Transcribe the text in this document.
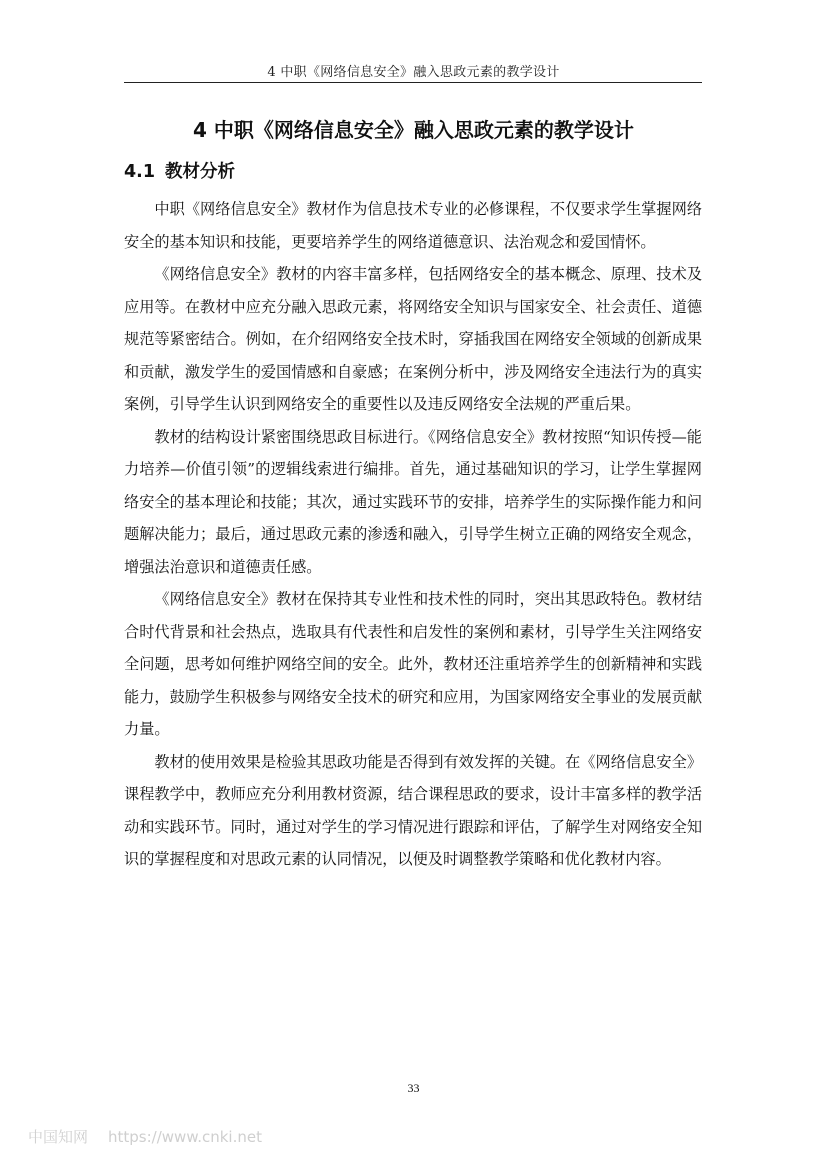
4 中职《网络信息安全》融入思政元素的教学设计
4 中职《网络信息安全》融入思政元素的教学设计
4.1 教材分析

中职《网络信息安全》教材作为信息技术专业的必修课程，不仅要求学生掌握网络安全的基本知识和技能，更要培养学生的网络道德意识、法治观念和爱国情怀。

《网络信息安全》教材的内容丰富多样，包括网络安全的基本概念、原理、技术及应用等。在教材中应充分融入思政元素，将网络安全知识与国家安全、社会责任、道德规范等紧密结合。例如，在介绍网络安全技术时，穿插我国在网络安全领域的创新成果和贡献，激发学生的爱国情感和自豪感；在案例分析中，涉及网络安全违法行为的真实案例，引导学生认识到网络安全的重要性以及违反网络安全法规的严重后果。

教材的结构设计紧密围绕思政目标进行。《网络信息安全》教材按照“知识传授—能力培养—价值引领”的逻辑线索进行编排。首先，通过基础知识的学习，让学生掌握网络安全的基本理论和技能；其次，通过实践环节的安排，培养学生的实际操作能力和问题解决能力；最后，通过思政元素的渗透和融入，引导学生树立正确的网络安全观念，增强法治意识和道德责任感。

《网络信息安全》教材在保持其专业性和技术性的同时，突出其思政特色。教材结合时代背景和社会热点，选取具有代表性和启发性的案例和素材，引导学生关注网络安全问题，思考如何维护网络空间的安全。此外，教材还注重培养学生的创新精神和实践能力，鼓励学生积极参与网络安全技术的研究和应用，为国家网络安全事业的发展贡献力量。

教材的使用效果是检验其思政功能是否得到有效发挥的关键。在《网络信息安全》课程教学中，教师应充分利用教材资源，结合课程思政的要求，设计丰富多样的教学活动和实践环节。同时，通过对学生的学习情况进行跟踪和评估，了解学生对网络安全知识的掌握程度和对思政元素的认同情况，以便及时调整教学策略和优化教材内容。

33
中国知网 https://www.cnki.net
